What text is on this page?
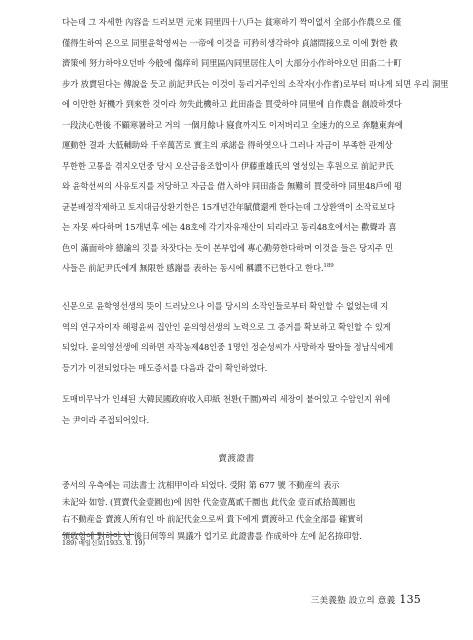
다는데 그 자세한 內容을 드러보면 元來 同里四十八戶는 貧寒하기 짝이없서 全部小作農으로 僅
僅得生하여 온으로 同里윤학영씨는 一帝에 이것을 可矜히생각하야 貞諸問接으로 이에 對한 救
濟策에 努力하야오던바 今般에 傷痒히 同里區內同里居住人이 大部分小作하야오던 田畓二十町
步가 放賣된다는 傳說을 듯고 前記尹氏는 이것이 동리거주인의 소작자(小作者)로부터 떠나게 되면 우리 洞里
에 이만한 好機가 到來한 것이라 勿失此機하고 此田畓을 買受하야 同里에 自作農을 創設하겟다
一段決心한後 不顧寒暑하고 거의 一個月餘나 寢食까지도 이저버리고 全速力的으로 奔馳東奔에
運動한 결과 大低輔助와 千辛萬苦로 實主의 承諾을 得하엿으나 그러나 자금이 부족한 관계상
무한한 고통을 겪지오던중 당시 오산금융조합이사 伊藤重雄氏의 열성있는 후원으로 前記尹氏
와 윤학선씨의 사유토지를 저당하고 자금을 借入하야 同田畓을 無難히 買受하야 同里48戶에 평
균분배정작제하고 토지대금상환기한은 15개년간年賦償還케 한다는데 그상환액이 소작료보다
는 자못 싸다하며 15개년후 에는 48호에 각기자유재산이 되리라고 동리48호에서는 歡聲과 喜
色이 滿面하야 德諭의 깃를 차잣다는 듯이 본부업에 專心勤勞한다하며 이것을 들은 당지주 민
사들은 前記尹氏에게 無限한 感謝를 表하는 동시에 稱讚不已한다고 한다.$^{189}$
신문으로 윤학영선생의 뜻이 드러났으나 이를 당시의 소작인들로부터 확인할 수 없었는데 지
역의 연구자이자 해평윤씨 집안인 윤의영선생의 노력으로 그 증거를 확보하고 확인할 수 있게
되었다. 윤의영선생에 의하면 자작농제48인중 1명인 정순성씨가 사망하자 딸아들 정남식에게
등기가 이전되었다는 매도증서를 다음과 같이 확인하였다.
도매비무낙가 인쇄된 大韓民國政府收入印紙 천환(千圜)짜리 세장이 붙어있고 수암인지 위에
는 尹이라 주접되어있다.
賣渡證書
중서의 우측에는 司法書士 沈相甲이라 되었다. 受附 第 677 號 不動産의 表示
未記와 如함. (買賣代金壹圓也)에 因한 代金壹萬貳千圜也 此代金 壹百貳拾萬圓也
右不動産을 賣渡人所有인 바 前記代金으로써 貴下에게 賣渡하고 代金全部를 確實히
領收함에 對하야 난 後日何等의 異議가 업기로 此證書를 作成하야 左에 記名捺印함.
189) 매일신보(1933. 8. 19)
三美義塾 設立의 意義 135
